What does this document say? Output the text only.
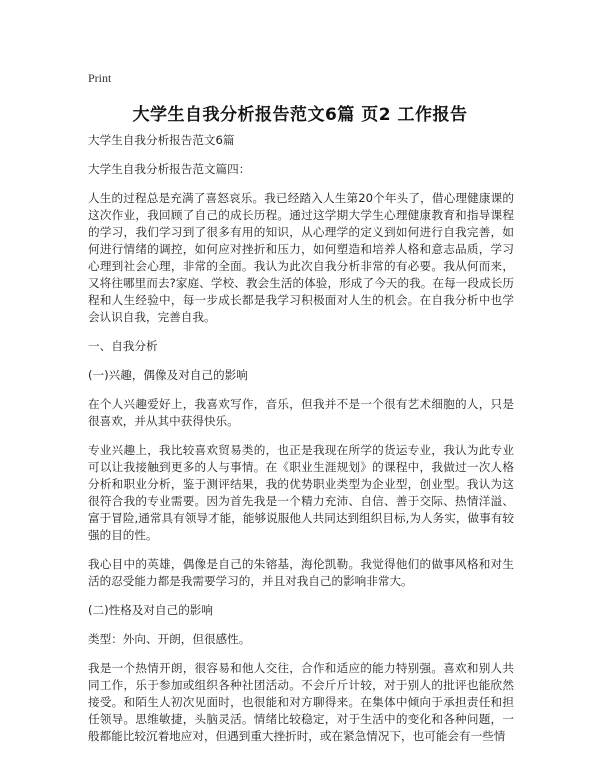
Print
大学生自我分析报告范文6篇 页2 工作报告

大学生自我分析报告范文6篇

大学生自我分析报告范文篇四：

人生的过程总是充满了喜怒哀乐。我已经踏入人生第20个年头了，借心理健康课的这次作业，我回顾了自己的成长历程。通过这学期大学生心理健康教育和指导课程的学习，我们学习到了很多有用的知识，从心理学的定义到如何进行自我完善，如何进行情绪的调控，如何应对挫折和压力，如何塑造和培养人格和意志品质，学习心理到社会心理，非常的全面。我认为此次自我分析非常的有必要。我从何而来，又将往哪里而去?家庭、学校、教会生活的体验，形成了今天的我。在每一段成长历程和人生经验中，每一步成长都是我学习积极面对人生的机会。在自我分析中也学会认识自我，完善自我。

一、自我分析

(一)兴趣，偶像及对自己的影响

在个人兴趣爱好上，我喜欢写作，音乐，但我并不是一个很有艺术细胞的人，只是很喜欢，并从其中获得快乐。

专业兴趣上，我比较喜欢贸易类的，也正是我现在所学的货运专业，我认为此专业可以让我接触到更多的人与事情。在《职业生涯规划》的课程中，我做过一次人格分析和职业分析，鉴于测评结果，我的优势职业类型为企业型，创业型。我认为这很符合我的专业需要。因为首先我是一个精力充沛、自信、善于交际、热情洋溢、富于冒险,通常具有领导才能，能够说服他人共同达到组织目标,为人务实，做事有较强的目的性。

我心目中的英雄，偶像是自己的朱镕基，海伦凯勒。我觉得他们的做事风格和对生活的忍受能力都是我需要学习的，并且对我自己的影响非常大。

(二)性格及对自己的影响

类型：外向、开朗，但很感性。

我是一个热情开朗，很容易和他人交往，合作和适应的能力特别强。喜欢和别人共同工作，乐于参加或组织各种社团活动。不会斤斤计较，对于别人的批评也能欣然接受。和陌生人初次见面时，也很能和对方聊得来。在集体中倾向于承担责任和担任领导。思维敏捷，头脑灵活。情绪比较稳定，对于生活中的变化和各种问题，一般都能比较沉着地应对，但遇到重大挫折时，或在紧急情况下，也可能会有一些情
